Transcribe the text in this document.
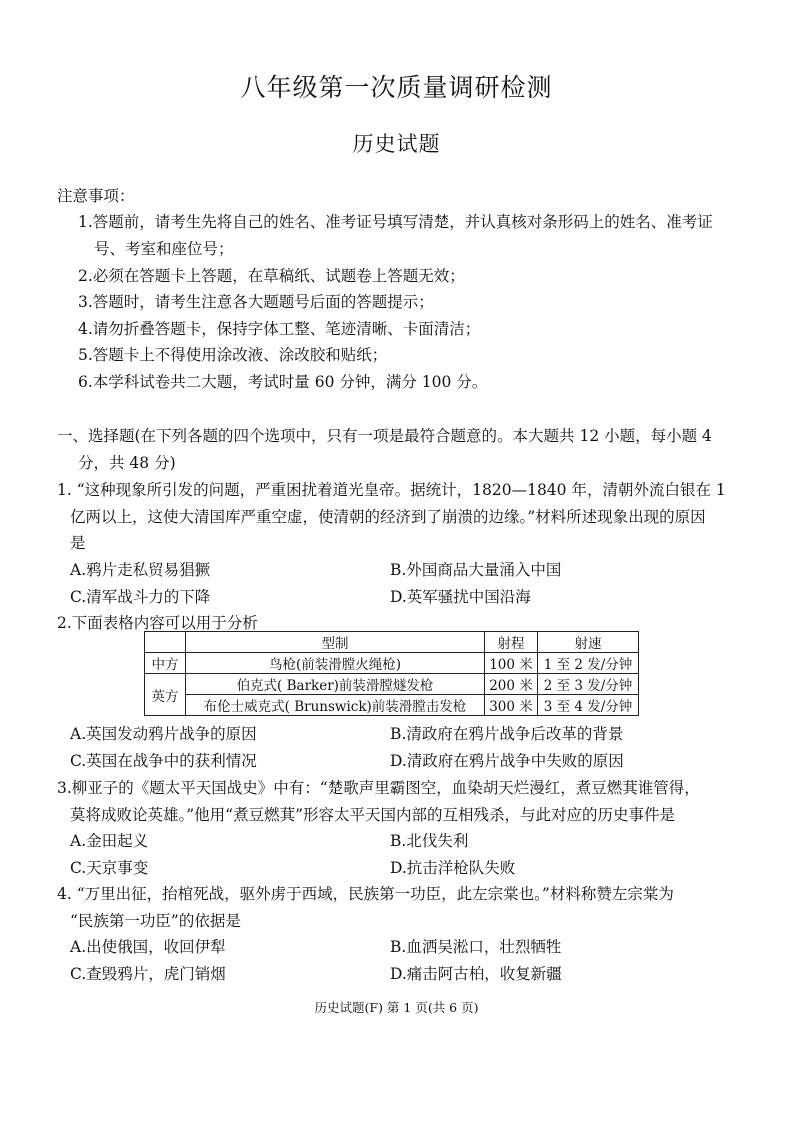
八年级第一次质量调研检测
历史试题
注意事项：
1.答题前，请考生先将自己的姓名、准考证号填写清楚，并认真核对条形码上的姓名、准考证
号、考室和座位号；
2.必须在答题卡上答题，在草稿纸、试题卷上答题无效；
3.答题时，请考生注意各大题题号后面的答题提示；
4.请勿折叠答题卡，保持字体工整、笔迹清晰、卡面清洁；
5.答题卡上不得使用涂改液、涂改胶和贴纸；
6.本学科试卷共二大题，考试时量 60 分钟，满分 100 分。
一、选择题(在下列各题的四个选项中，只有一项是最符合题意的。本大题共 12 小题，每小题 4
分，共 48 分)
1. “这种现象所引发的问题，严重困扰着道光皇帝。据统计，1820—1840 年，清朝外流白银在 1
亿两以上，这使大清国库严重空虚，使清朝的经济到了崩溃的边缘。”材料所述现象出现的原因
是
A.鸦片走私贸易猖獗	B.外国商品大量涌入中国
C.清军战斗力的下降	D.英军骚扰中国沿海
2.下面表格内容可以用于分析
	型制	射程	射速
中方	鸟枪(前装滑膛火绳枪)	100 米	1 至 2 发/分钟
英方	伯克式( Barker)前装滑膛燧发枪	200 米	2 至 3 发/分钟
	布伦士威克式( Brunswick)前装滑膛击发枪	300 米	3 至 4 发/分钟
A.英国发动鸦片战争的原因	B.清政府在鸦片战争后改革的背景
C.英国在战争中的获利情况	D.清政府在鸦片战争中失败的原因
3.柳亚子的《题太平天国战史》中有：“楚歌声里霸图空，血染胡天烂漫红，煮豆燃萁谁管得，
莫将成败论英雄。”他用“煮豆燃萁”形容太平天国内部的互相残杀，与此对应的历史事件是
A.金田起义	B.北伐失利
C.天京事变	D.抗击洋枪队失败
4. “万里出征，抬棺死战，驱外虏于西域，民族第一功臣，此左宗棠也。”材料称赞左宗棠为
“民族第一功臣”的依据是
A.出使俄国，收回伊犁	B.血洒吴淞口，壮烈牺牲
C.查毁鸦片，虎门销烟	D.痛击阿古柏，收复新疆
历史试题(F) 第 1 页(共 6 页)
